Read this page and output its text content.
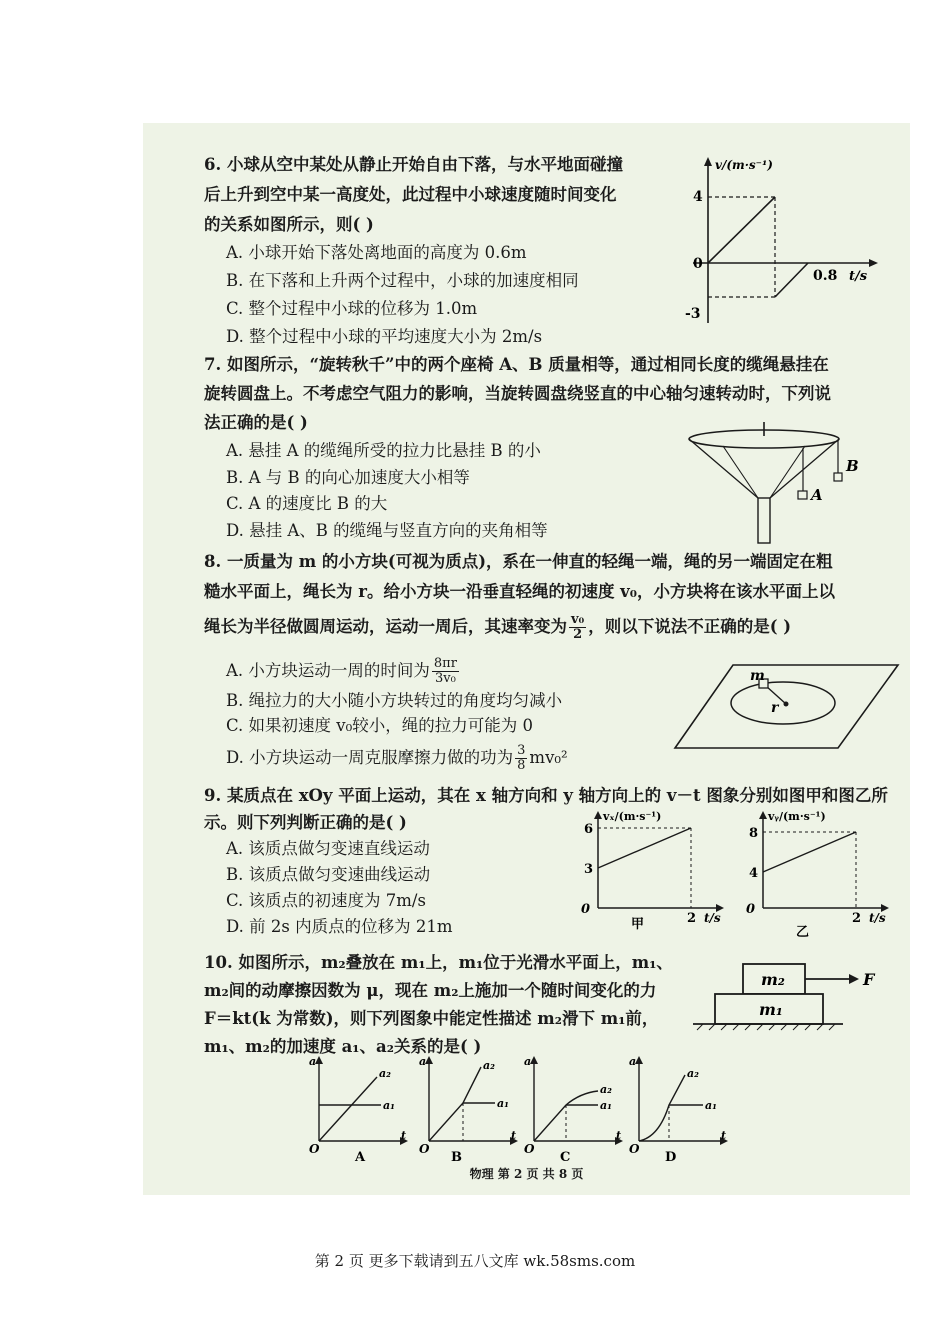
6. 小球从空中某处从静止开始自由下落，与水平地面碰撞
后上升到空中某一高度处，此过程中小球速度随时间变化
的关系如图所示，则( )
A. 小球开始下落处离地面的高度为 0.6m
B. 在下落和上升两个过程中，小球的加速度相同
C. 整个过程中小球的位移为 1.0m
D. 整个过程中小球的平均速度大小为 2m/s
v/(m·s⁻¹)
4
-3
0
0.8 t/s
7. 如图所示，“旋转秋千”中的两个座椅 A、B 质量相等，通过相同长度的缆绳悬挂在
旋转圆盘上。不考虑空气阻力的影响，当旋转圆盘绕竖直的中心轴匀速转动时，下列说
法正确的是( )
A. 悬挂 A 的缆绳所受的拉力比悬挂 B 的小
B. A 与 B 的向心加速度大小相等
C. A 的速度比 B 的大
D. 悬挂 A、B 的缆绳与竖直方向的夹角相等
A
B
8. 一质量为 m 的小方块(可视为质点)，系在一伸直的轻绳一端，绳的另一端固定在粗
糙水平面上，绳长为 r。给小方块一沿垂直轻绳的初速度 v₀，小方块将在该水平面上以
绳长为半径做圆周运动，运动一周后，其速率变为 $\frac{\text{v₀}}{2}$ ，则以下说法不正确的是( )
A. 小方块运动一周的时间为 $\frac{8\pi r}{\text{3v₀}}$
B. 绳拉力的大小随小方块转过的角度均匀减小
C. 如果初速度 v₀较小，绳的拉力可能为 0
D. 小方块运动一周克服摩擦力做的功为 $\frac{3}{8} mv_0^2$
m
r
9. 某质点在 xOy 平面上运动，其在 x 轴方向和 y 轴方向上的 v－t 图象分别如图甲和图乙所
示。则下列判断正确的是( )
A. 该质点做匀变速直线运动
B. 该质点做匀变速曲线运动
C. 该质点的初速度为 7m/s
D. 前 2s 内质点的位移为 21m
vₓ/(m·s⁻¹)
6
3
0
2 t/s
甲
vᵧ/(m·s⁻¹)
8
4
0
2 t/s
乙
10. 如图所示，m₂叠放在 m₁上，m₁位于光滑水平面上，m₁、
m₂间的动摩擦因数为 μ，现在 m₂上施加一个随时间变化的力
F＝kt(k 为常数)，则下列图象中能定性描述 m₂滑下 m₁前，
m₁、m₂的加速度 a₁、a₂关系的是( )
m₂
m₁
F
a
t
O
a₂
a₁
A
a
t
O
a₂
a₁
B
a
t
O
a₂
a₁
C
a
t
O
a₂
a₁
D
物理 第 2 页 共 8 页
第 2 页 更多下载请到五八文库 wk.58sms.com
